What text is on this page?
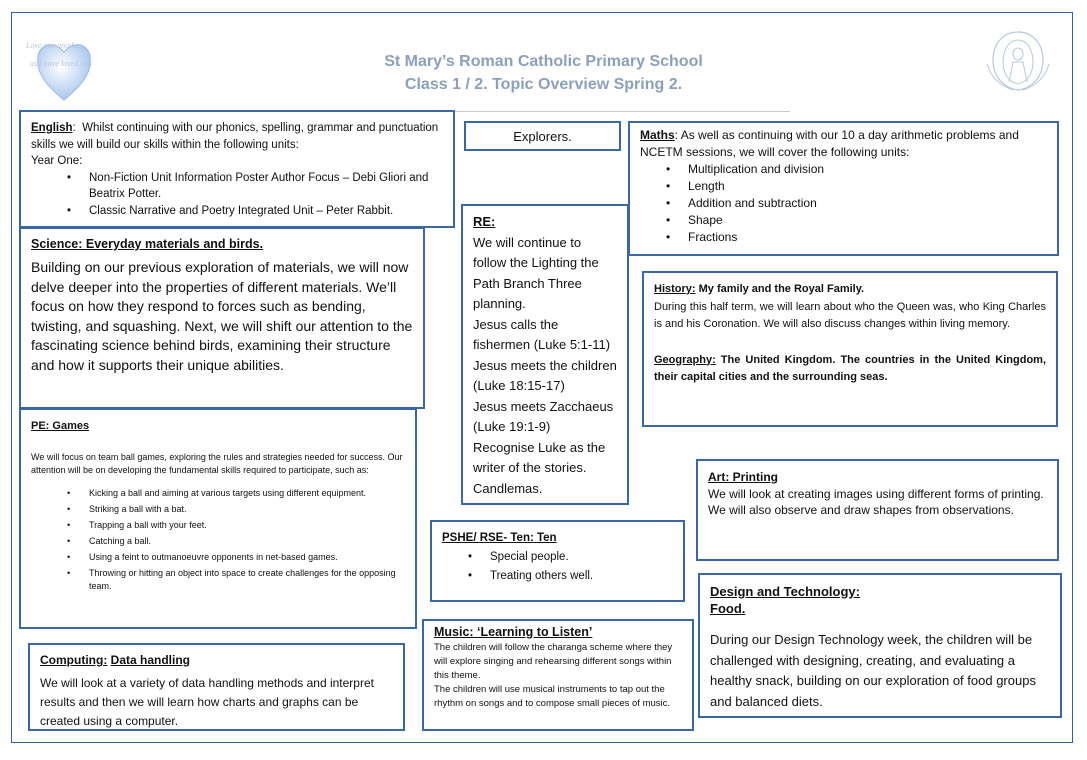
Love one another,
as I have loved you	St Mary’s Roman Catholic Primary School
Class 1 / 2. Topic Overview Spring 2.

English:  Whilst continuing with our phonics, spelling, grammar and punctuation skills we will build our skills within the following units:

Year One:

• Non-Fiction Unit Information Poster Author Focus – Debi Gliori and Beatrix Potter.
• Classic Narrative and Poetry Integrated Unit – Peter Rabbit.
Explorers.	Maths: As well as continuing with our 10 a day arithmetic problems and NCETM sessions, we will cover the following units:

• Multiplication and division
• Length
• Addition and subtraction
• Shape
• Fractions

Science: Everyday materials and birds.

Building on our previous exploration of materials, we will now delve deeper into the properties of different materials. We’ll focus on how they respond to forces such as bending, twisting, and squashing. Next, we will shift our attention to the fascinating science behind birds, examining their structure and how it supports their unique abilities.

RE:

We will continue to follow the Lighting the Path Branch Three planning.

Jesus calls the fishermen (Luke 5:1-11)

Jesus meets the children (Luke 18:15-17)

Jesus meets Zacchaeus (Luke 19:1-9)

Recognise Luke as the writer of the stories.

Candlemas.

History: My family and the Royal Family.

During this half term, we will learn about who the Queen was, who King Charles is and his Coronation. We will also discuss changes within living memory.

Geography: The United Kingdom. The countries in the United Kingdom, their capital cities and the surrounding seas.

PE: Games

We will focus on team ball games, exploring the rules and strategies needed for success. Our attention will be on developing the fundamental skills required to participate, such as:

• Kicking a ball and aiming at various targets using different equipment.
• Striking a ball with a bat.
• Trapping a ball with your feet.
• Catching a ball.
• Using a feint to outmanoeuvre opponents in net-based games.
• Throwing or hitting an object into space to create challenges for the opposing team.

Art: Printing

We will look at creating images using different forms of printing.

We will also observe and draw shapes from observations.

PSHE/ RSE- Ten: Ten

• Special people.
• Treating others well.

Design and Technology:

Food.

During our Design Technology week, the children will be challenged with designing, creating, and evaluating a healthy snack, building on our exploration of food groups and balanced diets.

Music: ‘Learning to Listen’

The children will follow the charanga scheme where they will explore singing and rehearsing different songs within this theme.

The children will use musical instruments to tap out the rhythm on songs and to compose small pieces of music.

Computing: Data handling

We will look at a variety of data handling methods and interpret results and then we will learn how charts and graphs can be created using a computer.
